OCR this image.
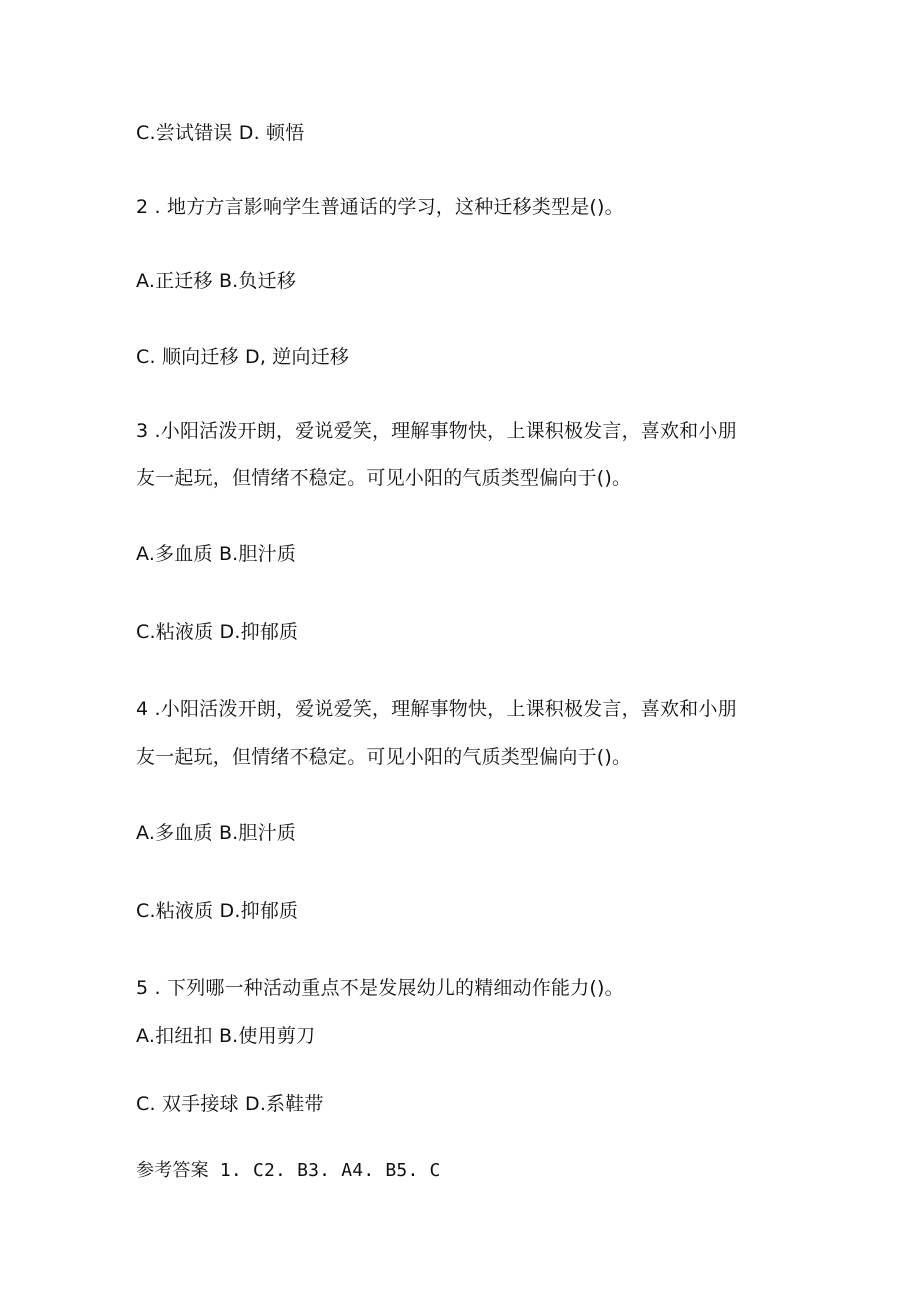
C.尝试错误 D. 顿悟
2 . 地方方言影响学生普通话的学习，这种迁移类型是()。
A.正迁移 B.负迁移
C. 顺向迁移 D, 逆向迁移
3 .小阳活泼开朗，爱说爱笑，理解事物快，上课积极发言，喜欢和小朋
友一起玩，但情绪不稳定。可见小阳的气质类型偏向于()。
A.多血质 B.胆汁质
C.粘液质 D.抑郁质
4 .小阳活泼开朗，爱说爱笑，理解事物快，上课积极发言，喜欢和小朋
友一起玩，但情绪不稳定。可见小阳的气质类型偏向于()。
A.多血质 B.胆汁质
C.粘液质 D.抑郁质
5 . 下列哪一种活动重点不是发展幼儿的精细动作能力()。
A.扣纽扣 B.使用剪刀
C. 双手接球 D.系鞋带
参考答案 1. C2. B3. A4. B5. C
